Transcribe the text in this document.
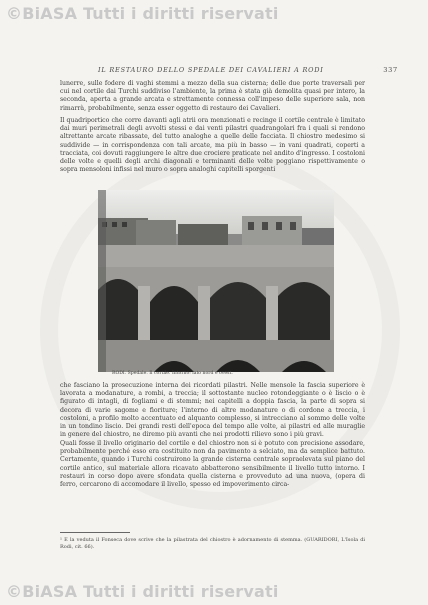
©BiASA Tutti i diritti riservati
IL RESTAURO DELLO SPEDALE DEI CAVALIERI A RODI	337

lunerre, sulle fodere di vaghi stemmi a mezzo della sua cisterna; delle due porte traversali per cui nel cortile dai Turchi suddiviso l'ambiente, la prima è stata già demolita quasi per intero, la seconda, aperta a grande arcata e strettamente connessa coll'impeso delle superiore sala, non rimarrà, probabilmente, senza esser oggetto di restauro dei Cavalieri.

Il quadriportico che corre davanti agli atrii ora menzionati e recinge il cortile centrale è limitato dai muri perimetrali degli avvolti stessi e dai venti pilastri quadrangolari fra i quali si rendono altrettante arcate ribassate, del tutto analoghe a quelle delle facciata. Il chiostro medesimo si suddivide — in corrispondenza con tali arcate, ma più in basso — in vani quadrati, coperti a tracciata, coi dovuti raggiungere le altre due crociere praticate nel andito d'ingresso. I costoloni delle volte e quelli degli archi diagonali e terminanti delle volte poggiano rispettivamente o sopra mensoloni infissi nel muro o sopra analoghi capitelli sporgenti

RODI. Spedale. Il cortile. Intorno: lato nord e ovest.

che fasciano la prosecuzione interna dei ricordati pilastri. Nelle mensole la fascia superiore è lavorata a modanature, a rombi, a treccia; il sottostante nucleo rotondeggiante o è liscio o è figurato di intagli, di fogliami e di stemmi; nei capitelli a doppia fascia, la parte di sopra si decora di varie sagome e fioriture; l'interno di altre modanature o di cordone a treccia, i costoloni, a profilo molto accentuato ed alquanto complesso, si intrecciano al sommo delle volte in un tondino liscio. Dei grandi resti dell'epoca del tempo alle volte, ai pilastri ed alle muraglie in genere del chiostro, ne diremo più avanti che nei prodotti rilievo sono i più gravi.

Quali fosse il livello originario del cortile e del chiostro non si è potuto con precisione assodare, probabilmente perché esso era costituito non da pavimento a selciato, ma da semplice battuto. Certamente, quando i Turchi costruirono la grande cisterna centrale sopraelevata sul piano del cortile antico, sul materiale allora ricavato abbatterono sensibilmente il livello tutto intorno. I restauri in corso dopo avere sfondata quella cisterna e provveduto ad una nuova, (opera di ferro, cercarono di accomodare il livello, spesso ed impoverimento circa-

¹ E la veduta il Fonseca dove scrive che la pilastrata del chiostro è adornamento di stemma. (GUARIDORI, L'Isola di Rodi, cit. 66).

©BiASA Tutti i diritti riservati
